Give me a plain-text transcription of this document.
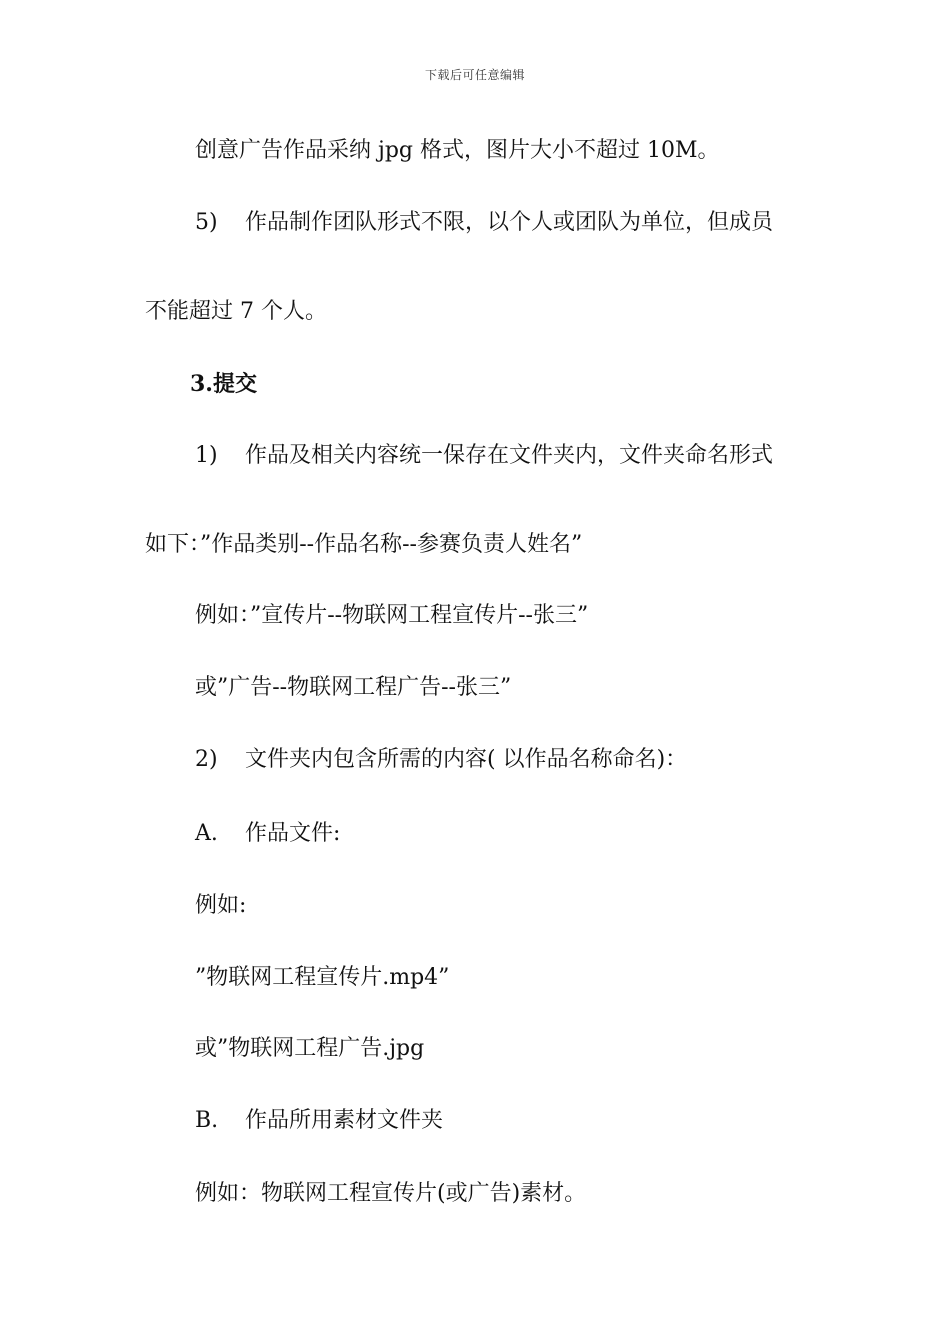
下载后可任意编辑
创意广告作品采纳 jpg 格式，图片大小不超过 10M。
5) 作品制作团队形式不限，以个人或团队为单位，但成员
不能超过 7 个人。
3.提交
1) 作品及相关内容统一保存在文件夹内，文件夹命名形式
如下：”作品类别--作品名称--参赛负责人姓名”
例如：”宣传片--物联网工程宣传片--张三”
或”广告--物联网工程广告--张三”
2) 文件夹内包含所需的内容( 以作品名称命名)：
A. 作品文件:
例如:
”物联网工程宣传片.mp4”
或”物联网工程广告.jpg
B. 作品所用素材文件夹
例如：物联网工程宣传片(或广告)素材。
